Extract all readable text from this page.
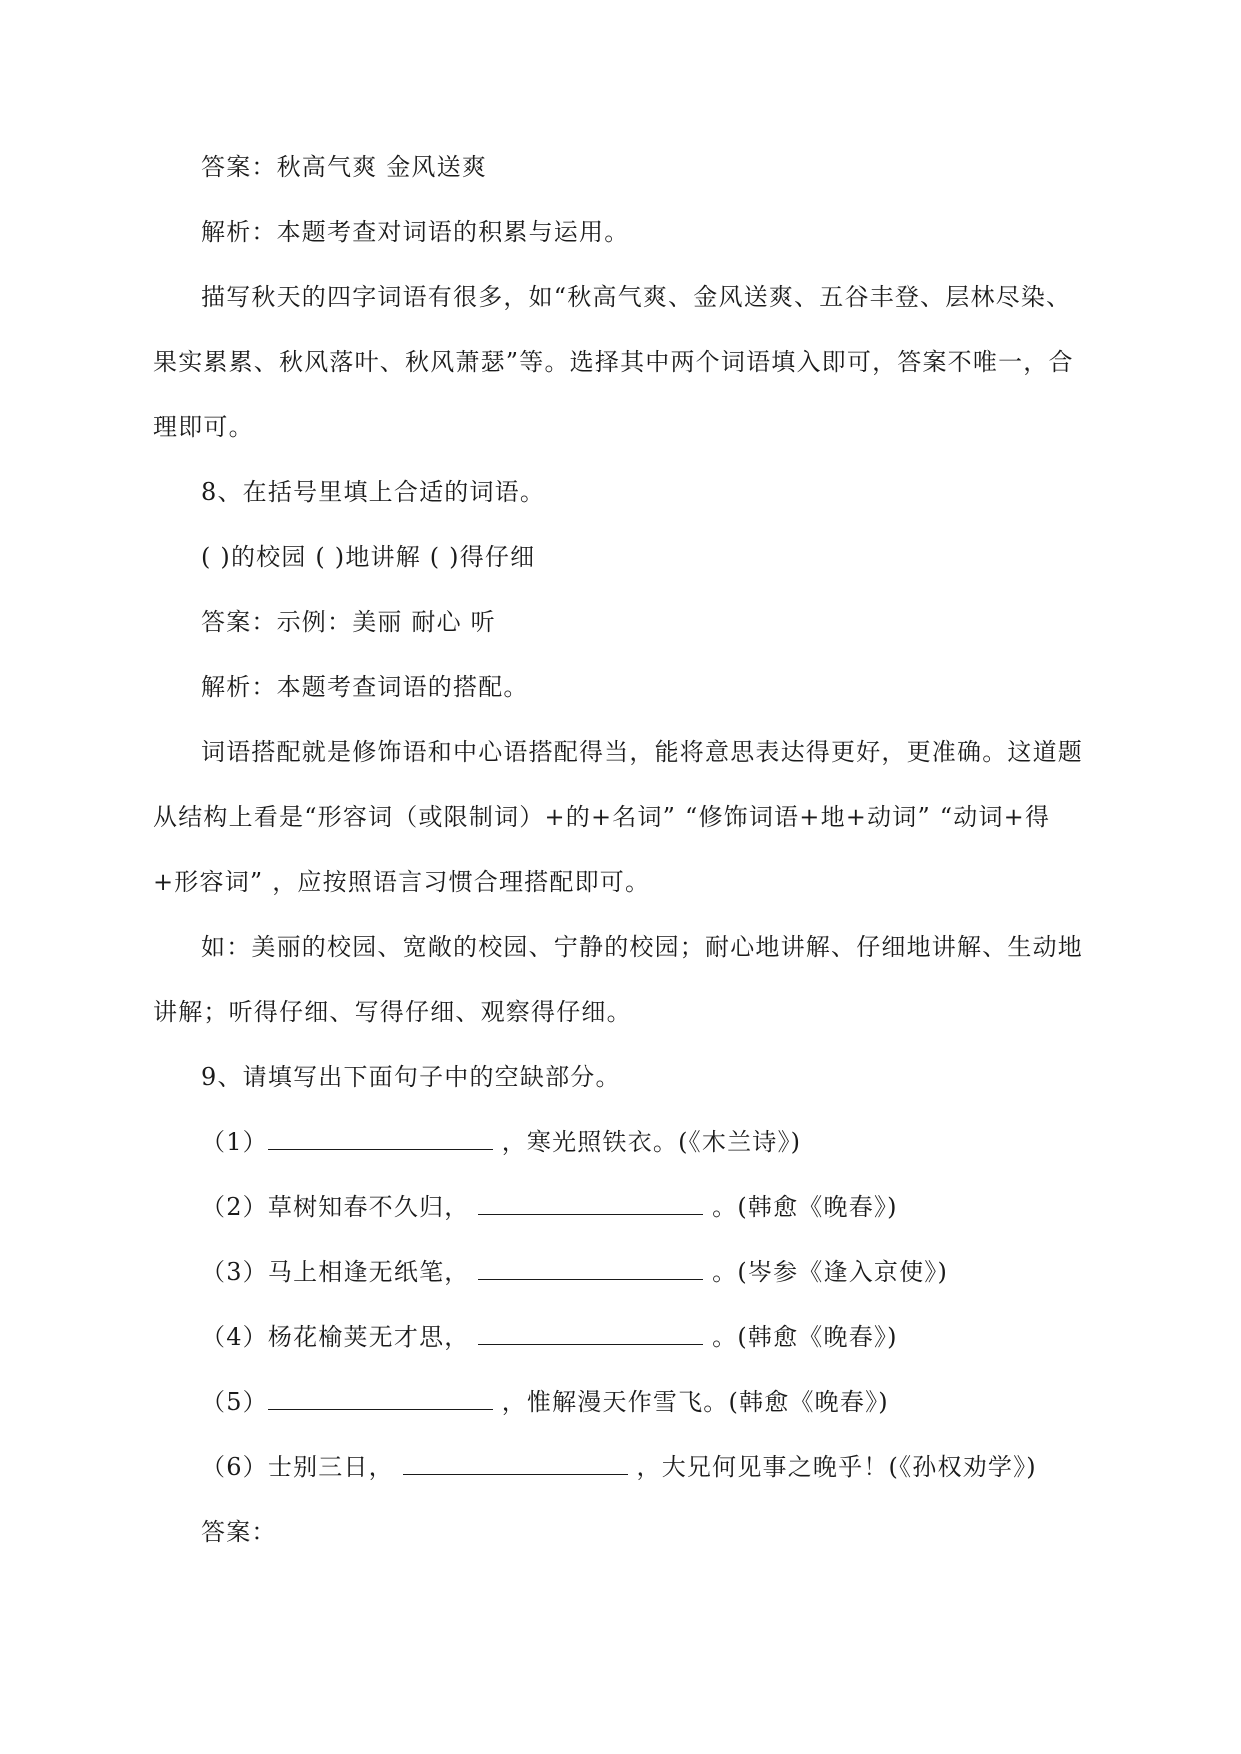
答案：秋高气爽 金风送爽

解析：本题考查对词语的积累与运用。

描写秋天的四字词语有很多，如“秋高气爽、金风送爽、五谷丰登、层林尽染、果实累累、秋风落叶、秋风萧瑟”等。选择其中两个词语填入即可，答案不唯一，合理即可。

8、在括号里填上合适的词语。

( )的校园 ( )地讲解 ( )得仔细

答案：示例：美丽 耐心 听

解析：本题考查词语的搭配。

词语搭配就是修饰语和中心语搭配得当，能将意思表达得更好，更准确。这道题从结构上看是“形容词（或限制词）+的+名词” “修饰词语+地+动词” “动词+得+形容词” ，应按照语言习惯合理搭配即可。

如：美丽的校园、宽敞的校园、宁静的校园；耐心地讲解、仔细地讲解、生动地讲解；听得仔细、写得仔细、观察得仔细。

9、请填写出下面句子中的空缺部分。

（1）	，寒光照铁衣。(《木兰诗》)

（2）草树知春不久归，	。(韩愈《晚春》)

（3）马上相逢无纸笔，	。(岑参《逢入京使》)

（4）杨花榆荚无才思，	。(韩愈《晚春》)

（5）	，惟解漫天作雪飞。(韩愈《晚春》)

（6）士别三日，	，大兄何见事之晚乎！(《孙权劝学》)

答案：
